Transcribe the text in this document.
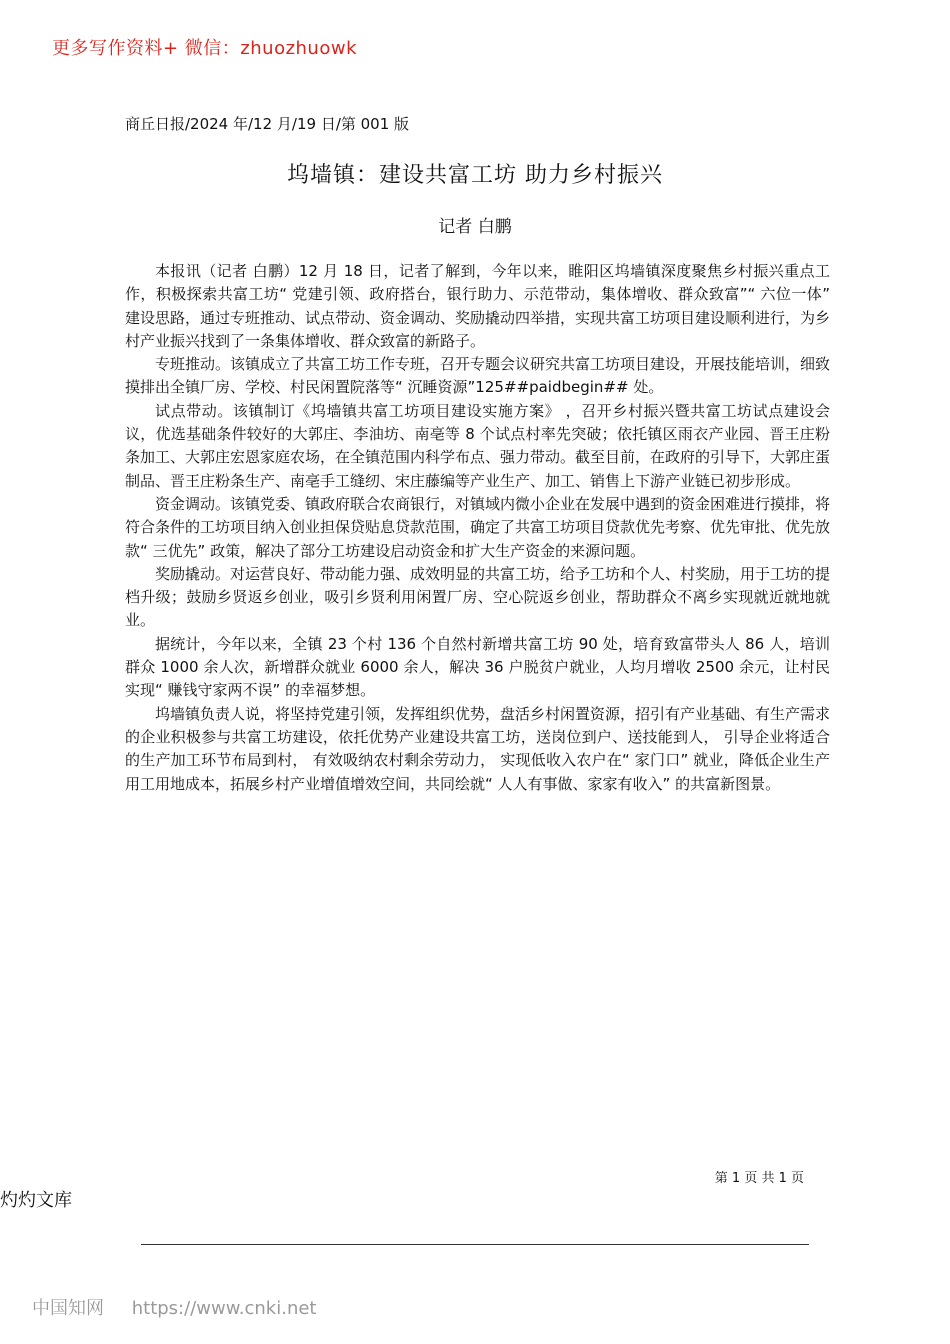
更多写作资料+ 微信：zhuozhuowk
商丘日报/2024 年/12 月/19 日/第 001 版
坞墙镇：建设共富工坊 助力乡村振兴
记者 白鹏

本报讯（记者 白鹏）12 月 18 日，记者了解到，今年以来，睢阳区坞墙镇深度聚焦乡村振兴重点工作，积极探索共富工坊“ 党建引领、政府搭台，银行助力、示范带动，集体增收、群众致富”“ 六位一体” 建设思路，通过专班推动、试点带动、资金调动、奖励撬动四举措，实现共富工坊项目建设顺利进行，为乡村产业振兴找到了一条集体增收、群众致富的新路子。

专班推动。该镇成立了共富工坊工作专班，召开专题会议研究共富工坊项目建设，开展技能培训，细致摸排出全镇厂房、学校、村民闲置院落等“ 沉睡资源”125##paidbegin## 处。

试点带动。该镇制订《坞墙镇共富工坊项目建设实施方案》 ，召开乡村振兴暨共富工坊试点建设会议，优选基础条件较好的大郭庄、李油坊、南亳等 8 个试点村率先突破；依托镇区雨衣产业园、晋王庄粉条加工、大郭庄宏恩家庭农场，在全镇范围内科学布点、强力带动。截至目前，在政府的引导下，大郭庄蛋制品、晋王庄粉条生产、南亳手工缝纫、宋庄藤编等产业生产、加工、销售上下游产业链已初步形成。

资金调动。该镇党委、镇政府联合农商银行，对镇域内微小企业在发展中遇到的资金困难进行摸排，将符合条件的工坊项目纳入创业担保贷贴息贷款范围，确定了共富工坊项目贷款优先考察、优先审批、优先放款“ 三优先” 政策，解决了部分工坊建设启动资金和扩大生产资金的来源问题。

奖励撬动。对运营良好、带动能力强、成效明显的共富工坊，给予工坊和个人、村奖励，用于工坊的提档升级；鼓励乡贤返乡创业，吸引乡贤利用闲置厂房、空心院返乡创业，帮助群众不离乡实现就近就地就业。

据统计，今年以来，全镇 23 个村 136 个自然村新增共富工坊 90 处，培育致富带头人 86 人，培训群众 1000 余人次，新增群众就业 6000 余人，解决 36 户脱贫户就业，人均月增收 2500 余元，让村民实现“ 赚钱守家两不误” 的幸福梦想。

坞墙镇负责人说，将坚持党建引领，发挥组织优势，盘活乡村闲置资源，招引有产业基础、有生产需求的企业积极参与共富工坊建设，依托优势产业建设共富工坊，送岗位到户、送技能到人， 引导企业将适合的生产加工环节布局到村， 有效吸纳农村剩余劳动力， 实现低收入农户在“ 家门口” 就业，降低企业生产用工用地成本，拓展乡村产业增值增效空间，共同绘就“ 人人有事做、家家有收入” 的共富新图景。

第 1 页 共 1 页
灼灼文库
中国知网 https://www.cnki.net
